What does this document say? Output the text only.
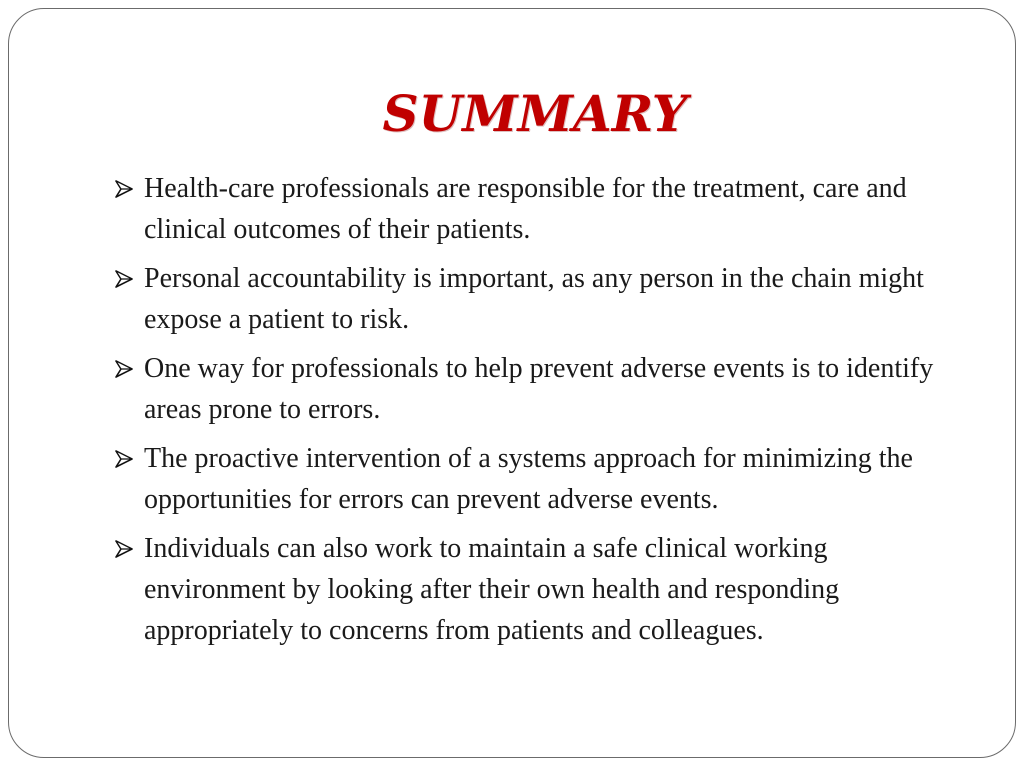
SUMMARY
Health-care professionals are responsible for the treatment, care and clinical outcomes of their patients.
Personal accountability is important, as any person in the chain might expose a patient to risk.
One way for professionals to help prevent adverse events is to identify areas prone to errors.
The proactive intervention of a systems approach for minimizing the opportunities for errors can prevent adverse events.
Individuals can also work to maintain a safe clinical working environment by looking after their own health and responding appropriately to concerns from patients and colleagues.
